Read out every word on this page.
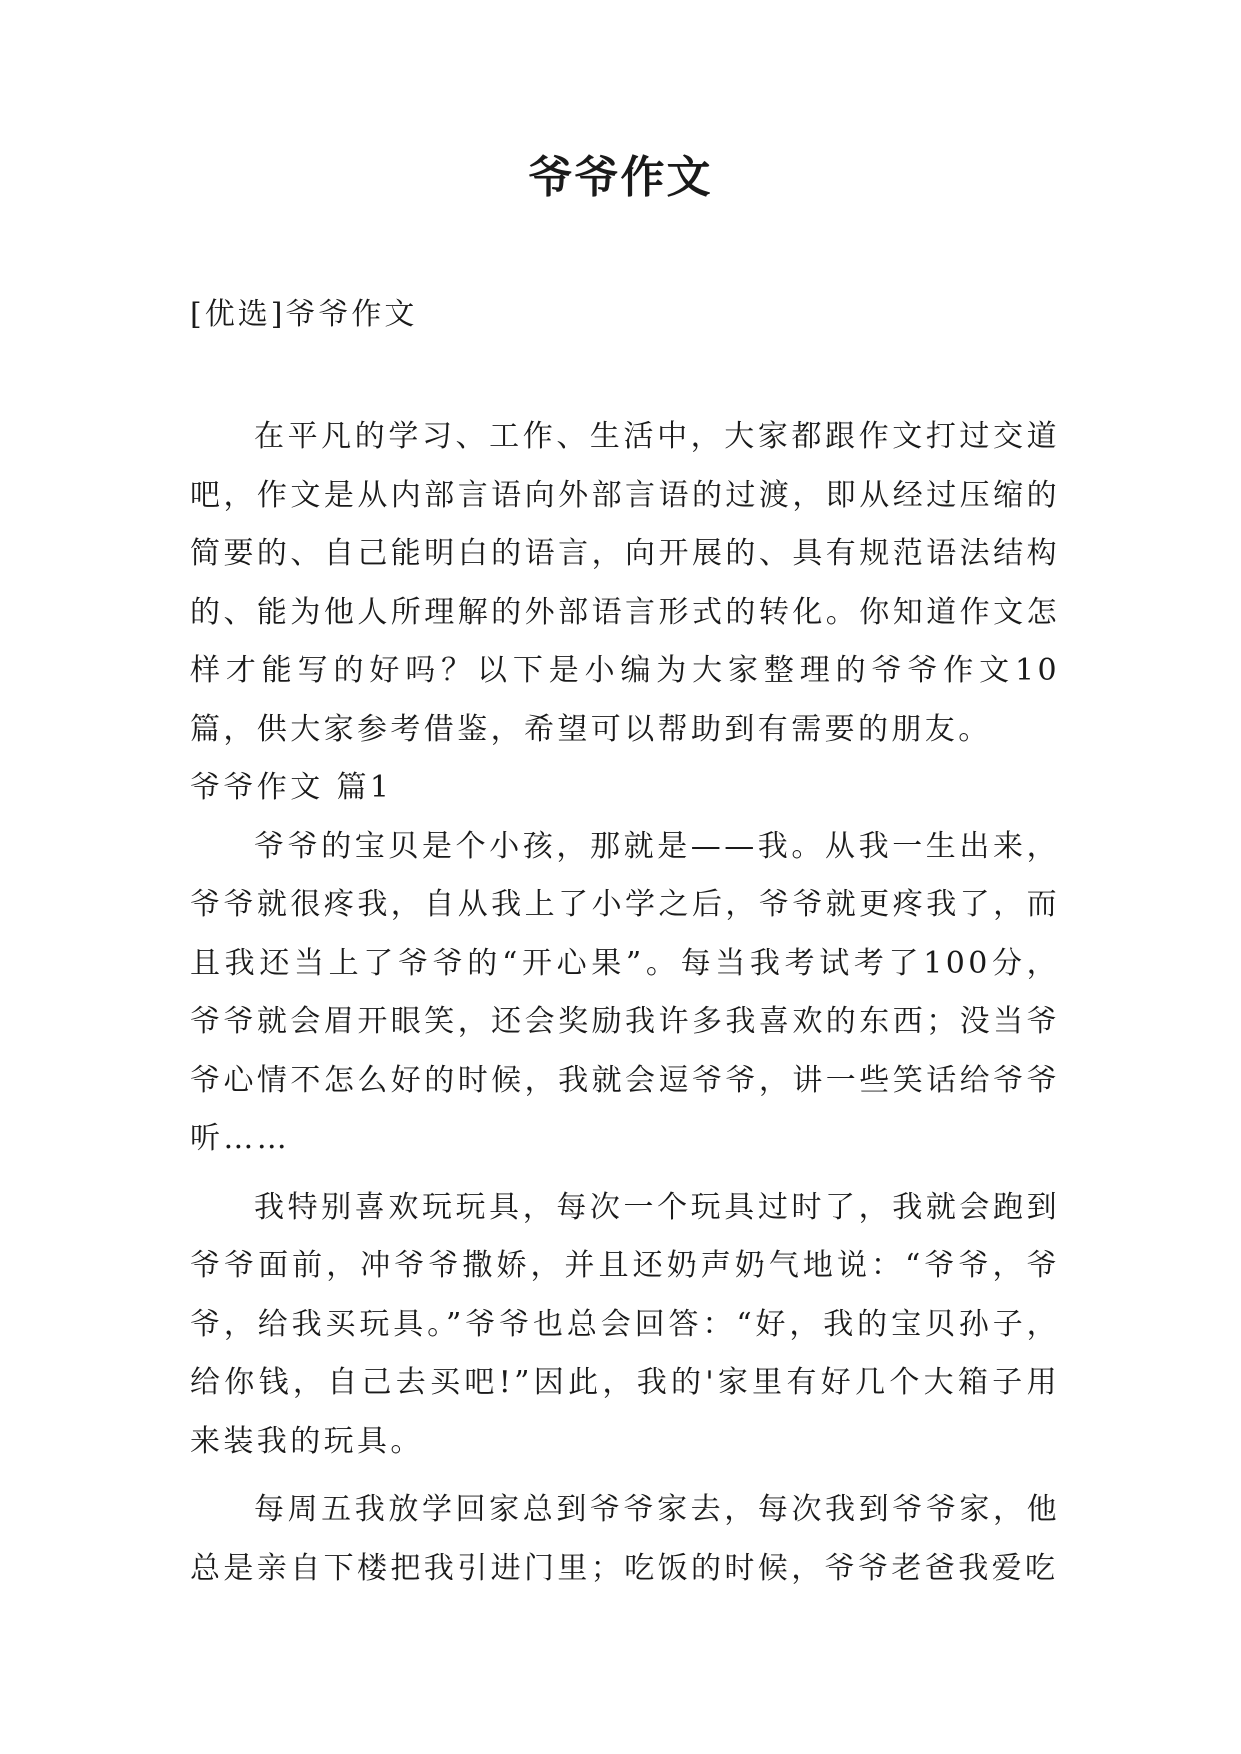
爷爷作文

[优选]爷爷作文

在平凡的学习、工作、生活中，大家都跟作文打过交道吧，作文是从内部言语向外部言语的过渡，即从经过压缩的简要的、自己能明白的语言，向开展的、具有规范语法结构的、能为他人所理解的外部语言形式的转化。你知道作文怎样才能写的好吗？以下是小编为大家整理的爷爷作文10篇，供大家参考借鉴，希望可以帮助到有需要的朋友。

爷爷作文 篇1

爷爷的宝贝是个小孩，那就是——我。从我一生出来，爷爷就很疼我，自从我上了小学之后，爷爷就更疼我了，而且我还当上了爷爷的“开心果”。每当我考试考了100分，爷爷就会眉开眼笑，还会奖励我许多我喜欢的东西；没当爷爷心情不怎么好的时候，我就会逗爷爷，讲一些笑话给爷爷听……

我特别喜欢玩玩具，每次一个玩具过时了，我就会跑到爷爷面前，冲爷爷撒娇，并且还奶声奶气地说：“爷爷，爷爷，给我买玩具。”爷爷也总会回答：“好，我的宝贝孙子，给你钱，自己去买吧!”因此，我的'家里有好几个大箱子用来装我的玩具。

每周五我放学回家总到爷爷家去，每次我到爷爷家，他总是亲自下楼把我引进门里；吃饭的时候，爷爷老爸我爱吃
